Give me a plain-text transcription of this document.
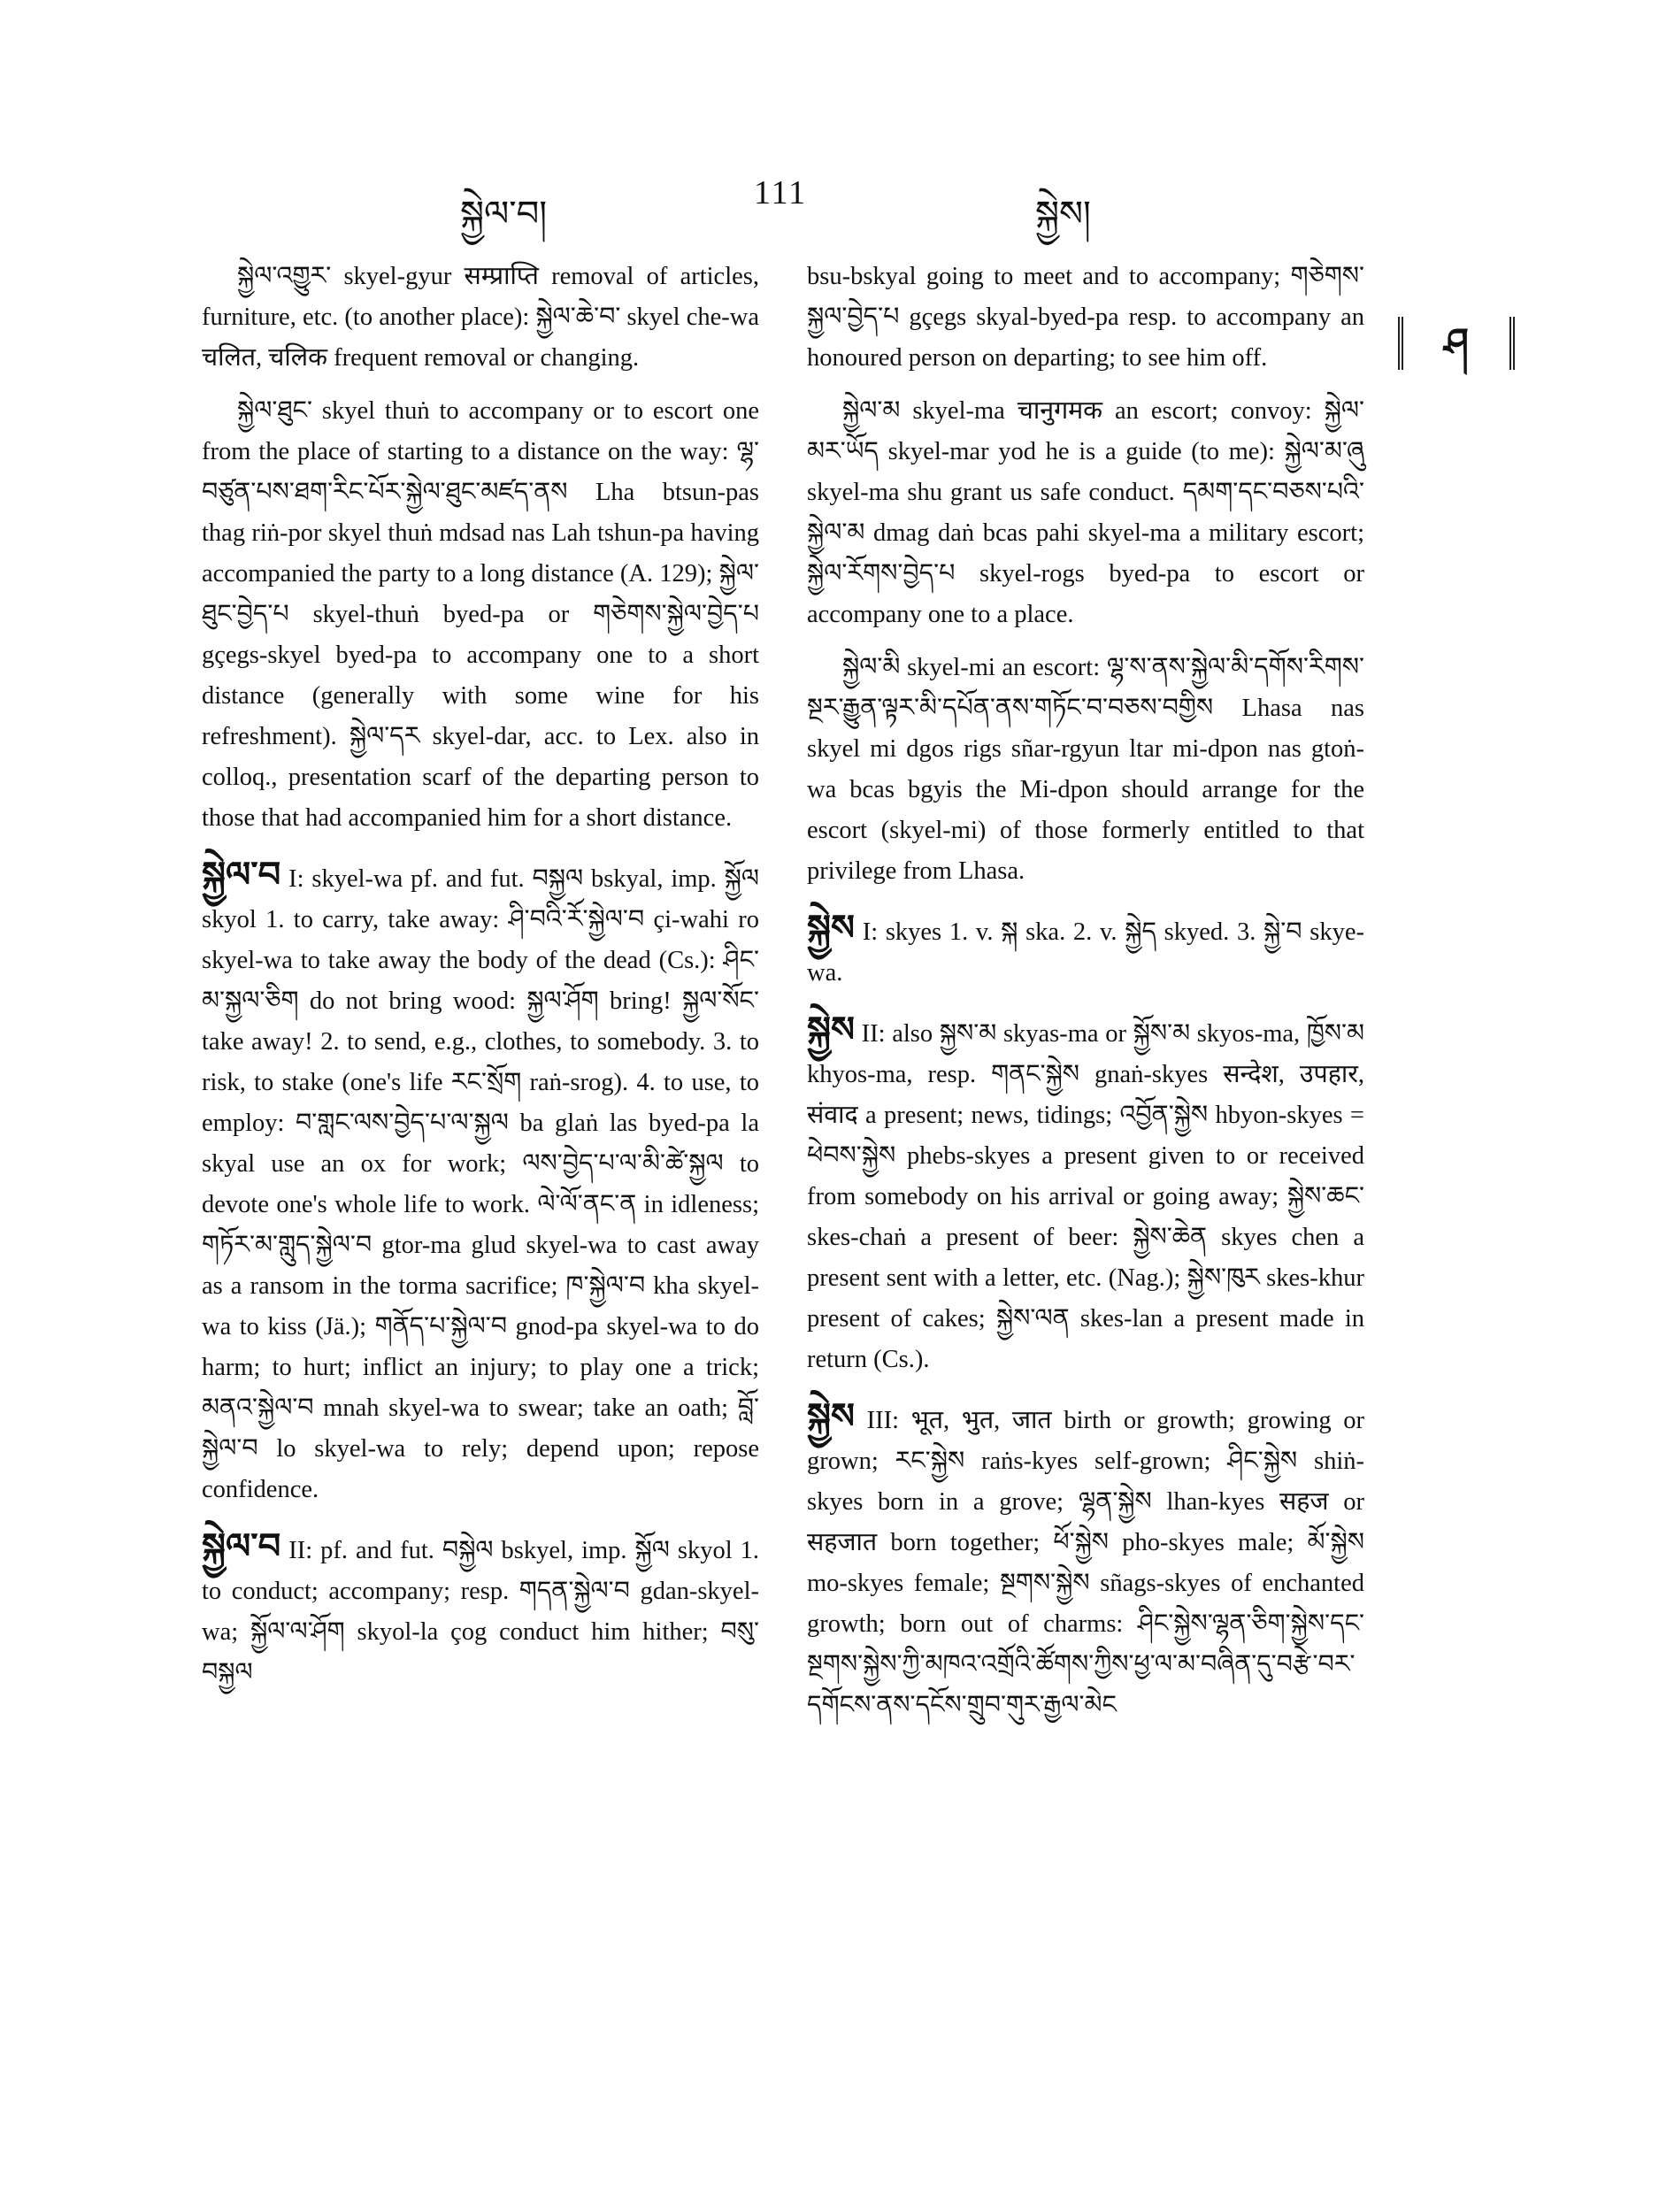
སྐྱེལ་བ།
111
སྐྱེས།
ཤ

སྐྱེལ་འགྱུར་ skyel-gyur सम्प्राप्ति removal of articles, furniture, etc. (to another place): སྐྱེལ་ཆེ་བ་ skyel che-wa चलित, चलिक frequent removal or changing.

སྐྱེལ་ཐུང་ skyel thuṅ to accompany or to escort one from the place of starting to a distance on the way: ལྷ་བཙུན་པས་ཐག་རིང་པོར་སྐྱེལ་ཐུང་མཛད་ནས Lha btsun-pas thag riṅ-por skyel thuṅ mdsad nas Lah tshun-pa having accompanied the party to a long distance (A. 129); སྐྱེལ་ཐུང་བྱེད་པ skyel-thuṅ byed-pa or གཅེགས་སྐྱེལ་བྱེད་པ gçegs-skyel byed-pa to accompany one to a short distance (generally with some wine for his refreshment). སྐྱེལ་དར skyel-dar, acc. to Lex. also in colloq., presentation scarf of the departing person to those that had accompanied him for a short distance.

སྐྱེལ་བ I: skyel-wa pf. and fut. བསྐྱལ bskyal, imp. སྐྱོལ skyol 1. to carry, take away: ཤི་བའི་རོ་སྐྱེལ་བ çi-wahi ro skyel-wa to take away the body of the dead (Cs.): ཤིང་མ་སྐྱལ་ཅིག do not bring wood: སྐྱལ་ཤོག bring! སྐྱལ་སོང་ take away! 2. to send, e.g., clothes, to somebody. 3. to risk, to stake (one's life རང་སྲོག raṅ-srog). 4. to use, to employ: བ་གླང་ལས་བྱེད་པ་ལ་སྐྱལ ba glaṅ las byed-pa la skyal use an ox for work; ལས་བྱེད་པ་ལ་མི་ཚེ་སྐྱལ to devote one's whole life to work. ལེ་ལོ་ནང་ན in idleness; གཏོར་མ་གླུད་སྐྱེལ་བ gtor-ma glud skyel-wa to cast away as a ransom in the torma sacrifice; ཁ་སྐྱེལ་བ kha skyel-wa to kiss (Jä.); གནོད་པ་སྐྱེལ་བ gnod-pa skyel-wa to do harm; to hurt; inflict an injury; to play one a trick; མནའ་སྐྱེལ་བ mnah skyel-wa to swear; take an oath; བློ་སྐྱེལ་བ lo skyel-wa to rely; depend upon; repose confidence.

སྐྱེལ་བ II: pf. and fut. བསྐྱེལ bskyel, imp. སྐྱོལ skyol 1. to conduct; accompany; resp. གདན་སྐྱེལ་བ gdan-skyel-wa; སྐྱོལ་ལ་ཤོག skyol-la çog conduct him hither; བསུ་བསྐྱལ

bsu-bskyal going to meet and to accompany; གཅེགས་སྐྱལ་བྱེད་པ gçegs skyal-byed-pa resp. to accompany an honoured person on departing; to see him off.

སྐྱེལ་མ skyel-ma चानुगमक an escort; convoy: སྐྱེལ་མར་ཡོད skyel-mar yod he is a guide (to me): སྐྱེལ་མ་ཞུ skyel-ma shu grant us safe conduct. དམག་དང་བཅས་པའི་སྐྱེལ་མ dmag daṅ bcas pahi skyel-ma a military escort; སྐྱེལ་རོགས་བྱེད་པ skyel-rogs byed-pa to escort or accompany one to a place.

སྐྱེལ་མི skyel-mi an escort: ལྷ་ས་ནས་སྐྱེལ་མི་དགོས་རིགས་སྔར་རྒྱུན་ལྟར་མི་དཔོན་ནས་གཏོང་བ་བཅས་བགྱིས Lhasa nas skyel mi dgos rigs sñar-rgyun ltar mi-dpon nas gtoṅ-wa bcas bgyis the Mi-dpon should arrange for the escort (skyel-mi) of those formerly entitled to that privilege from Lhasa.

སྐྱེས I: skyes 1. v. སྐ ska. 2. v. སྐྱེད skyed. 3. སྐྱེ་བ skye-wa.

སྐྱེས II: also སྐྱས་མ skyas-ma or སྐྱོས་མ skyos-ma, ཁྱོས་མ khyos-ma, resp. གནང་སྐྱེས gnaṅ-skyes सन्देश, उपहार, संवाद a present; news, tidings; འབྱོན་སྐྱེས hbyon-skyes = ཕེབས་སྐྱེས phebs-skyes a present given to or received from somebody on his arrival or going away; སྐྱེས་ཆང་ skes-chaṅ a present of beer: སྐྱེས་ཆེན skyes chen a present sent with a letter, etc. (Nag.); སྐྱེས་ཁུར skes-khur present of cakes; སྐྱེས་ལན skes-lan a present made in return (Cs.).

སྐྱེས III: भूत, भुत, जात birth or growth; growing or grown; རང་སྐྱེས raṅs-kyes self-grown; ཤིང་སྐྱེས shiṅ-skyes born in a grove; ལྷན་སྐྱེས lhan-kyes सहज or सहजात born together; ཕོ་སྐྱེས pho-skyes male; མོ་སྐྱེས mo-skyes female; སྔགས་སྐྱེས sñags-skyes of enchanted growth; born out of charms: ཤིང་སྐྱེས་ལྷན་ཅིག་སྐྱེས་དང་སྔགས་སྐྱེས་ཀྱི་མཁའ་འགྲོའི་ཚོགས་ཀྱིས་ཕྱ་ལ་མ་བཞིན་དུ་བརྩེ་བར་དགོངས་ནས་དངོས་གྲུབ་གུར་རྒྱལ་མེང
